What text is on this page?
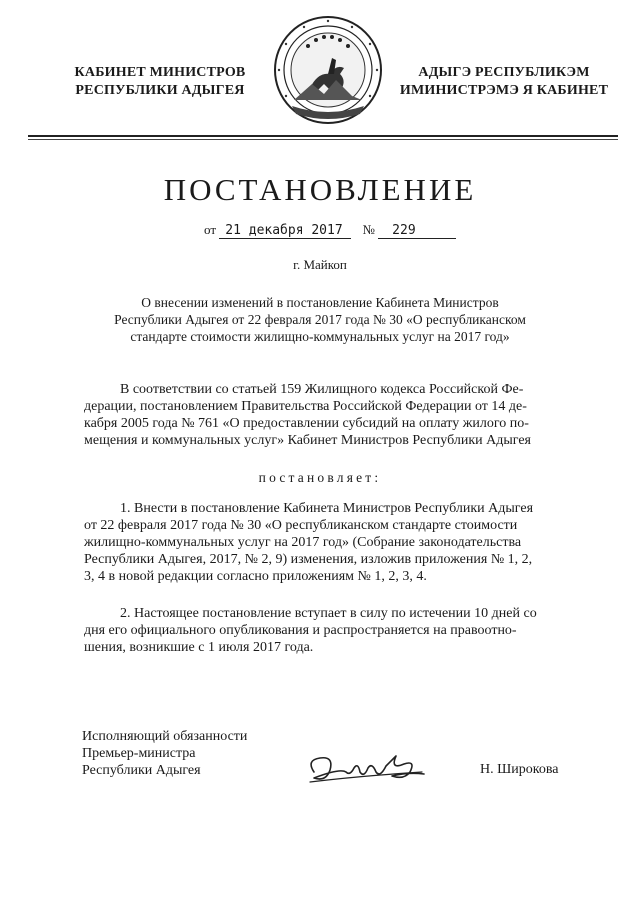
КАБИНЕТ МИНИСТРОВ
РЕСПУБЛИКИ АДЫГЕЯ
АДЫГЭ РЕСПУБЛИКЭМ
ИМИНИСТРЭМЭ Я КАБИНЕТ
ПОСТАНОВЛЕНИЕ
от 21 декабря 2017 № 229
г. Майкоп
О внесении изменений в постановление Кабинета Министров
Республики Адыгея от 22 февраля 2017 года № 30 «О республиканском
стандарте стоимости жилищно-коммунальных услуг на 2017 год»
В соответствии со статьей 159 Жилищного кодекса Российской Фе-
дерации, постановлением Правительства Российской Федерации от 14 де-
кабря 2005 года № 761 «О предоставлении субсидий на оплату жилого по-
мещения и коммунальных услуг» Кабинет Министров Республики Адыгея
постановляет:
1. Внести в постановление Кабинета Министров Республики Адыгея
от 22 февраля 2017 года № 30 «О республиканском стандарте стоимости
жилищно-коммунальных услуг на 2017 год» (Собрание законодательства
Республики Адыгея, 2017, № 2, 9) изменения, изложив приложения № 1, 2,
3, 4 в новой редакции согласно приложениям № 1, 2, 3, 4.
2. Настоящее постановление вступает в силу по истечении 10 дней со
дня его официального опубликования и распространяется на правоотно-
шения, возникшие с 1 июля 2017 года.
Исполняющий обязанности
Премьер-министра
Республики Адыгея	Н. Широкова
